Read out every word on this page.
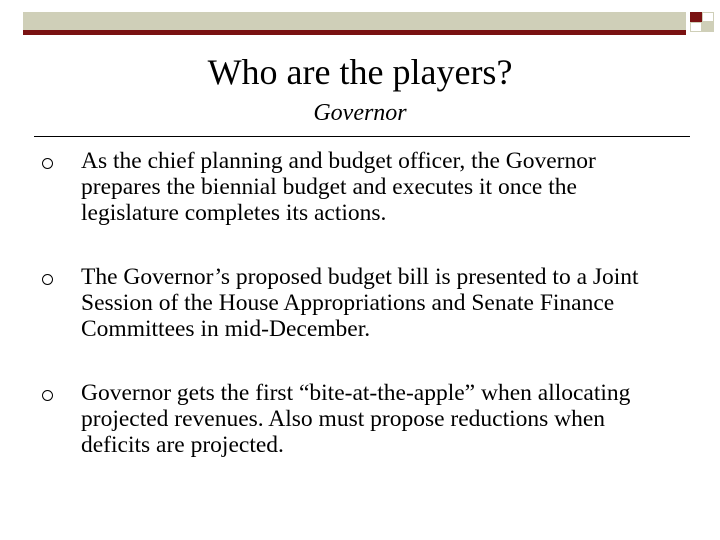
Who are the players?
Governor
As the chief planning and budget officer, the Governor prepares the biennial budget and executes it once the legislature completes its actions.
The Governor’s proposed budget bill is presented to a Joint Session of the House Appropriations and Senate Finance Committees in mid-December.
Governor gets the first “bite-at-the-apple” when allocating projected revenues. Also must propose reductions when deficits are projected.
